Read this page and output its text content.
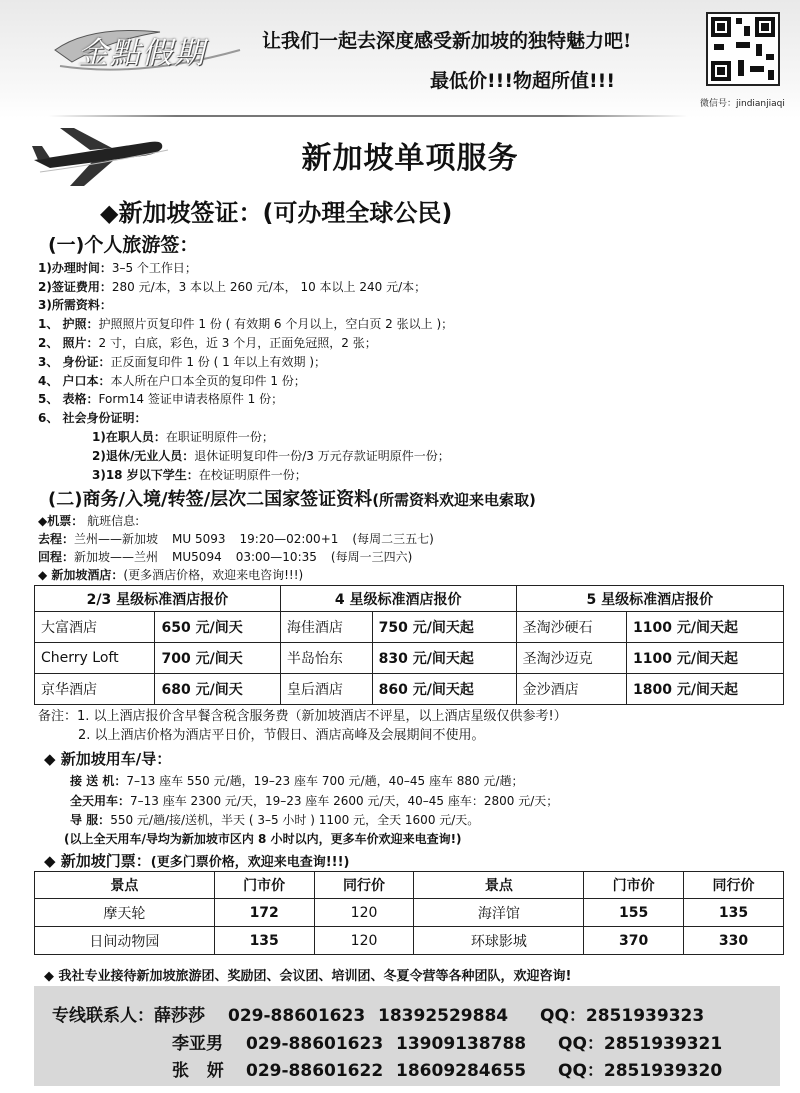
金點假期	让我们一起去深度感受新加坡的独特魅力吧!
最低价!!!物超所值!!!
微信号：jindianjiaqi
新加坡单项服务
◆新加坡签证：(可办理全球公民)
(一)个人旅游签：
1)办理时间：3–5 个工作日；
2)签证费用：280 元/本，3 本以上 260 元/本， 10 本以上 240 元/本；
3)所需资料：
1、 护照：护照照片页复印件 1 份 ( 有效期 6 个月以上，空白页 2 张以上 )；
2、 照片：2 寸，白底，彩色，近 3 个月，正面免冠照，2 张；
3、 身份证：正反面复印件 1 份 ( 1 年以上有效期 )；
4、 户口本：本人所在户口本全页的复印件 1 份；
5、 表格：Form14 签证申请表格原件 1 份；
6、 社会身份证明：
1)在职人员：在职证明原件一份；
2)退休/无业人员：退休证明复印件一份/3 万元存款证明原件一份；
3)18 岁以下学生：在校证明原件一份；
(二)商务/入境/转签/层次二国家签证资料(所需资料欢迎来电索取)
◆机票： 航班信息:
去程：兰州——新加坡 MU 5093 19:20—02:00+1 (每周二三五七)
回程：新加坡——兰州 MU5094 03:00—10:35 (每周一三四六)
◆ 新加坡酒店：(更多酒店价格，欢迎来电咨询!!!)
2/3 星级标准酒店报价		4 星级标准酒店报价		5 星级标准酒店报价	
大富酒店	650 元/间天	海佳酒店	750 元/间天起	圣淘沙硬石	1100 元/间天起
Cherry Loft	700 元/间天	半岛怡东	830 元/间天起	圣淘沙迈克	1100 元/间天起
京华酒店	680 元/间天	皇后酒店	860 元/间天起	金沙酒店	1800 元/间天起
备注：1. 以上酒店报价含早餐含税含服务费（新加坡酒店不评星，以上酒店星级仅供参考!）
2. 以上酒店价格为酒店平日价，节假日、酒店高峰及会展期间不使用。
◆ 新加坡用车/导：
接 送 机：7–13 座车 550 元/趟，19–23 座车 700 元/趟，40–45 座车 880 元/趟；
全天用车：7–13 座车 2300 元/天，19–23 座车 2600 元/天，40–45 座车：2800 元/天；
导 服：550 元/趟/接/送机，半天 ( 3–5 小时 ) 1100 元，全天 1600 元/天。
(以上全天用车/导均为新加坡市区内 8 小时以内，更多车价欢迎来电查询!)
◆ 新加坡门票：(更多门票价格，欢迎来电查询!!!)
景点	门市价	同行价	景点	门市价	同行价
摩天轮	172	120	海洋馆	155	135
日间动物园	135	120	环球影城	370	330
◆ 我社专业接待新加坡旅游团、奖励团、会议团、培训团、冬夏令营等各种团队，欢迎咨询!
专线联系人：薛莎莎 029-88601623 18392529884 QQ：2851939323
李亚男 029-88601623 13909138788 QQ：2851939321
张   妍 029-88601622 18609284655 QQ：2851939320
